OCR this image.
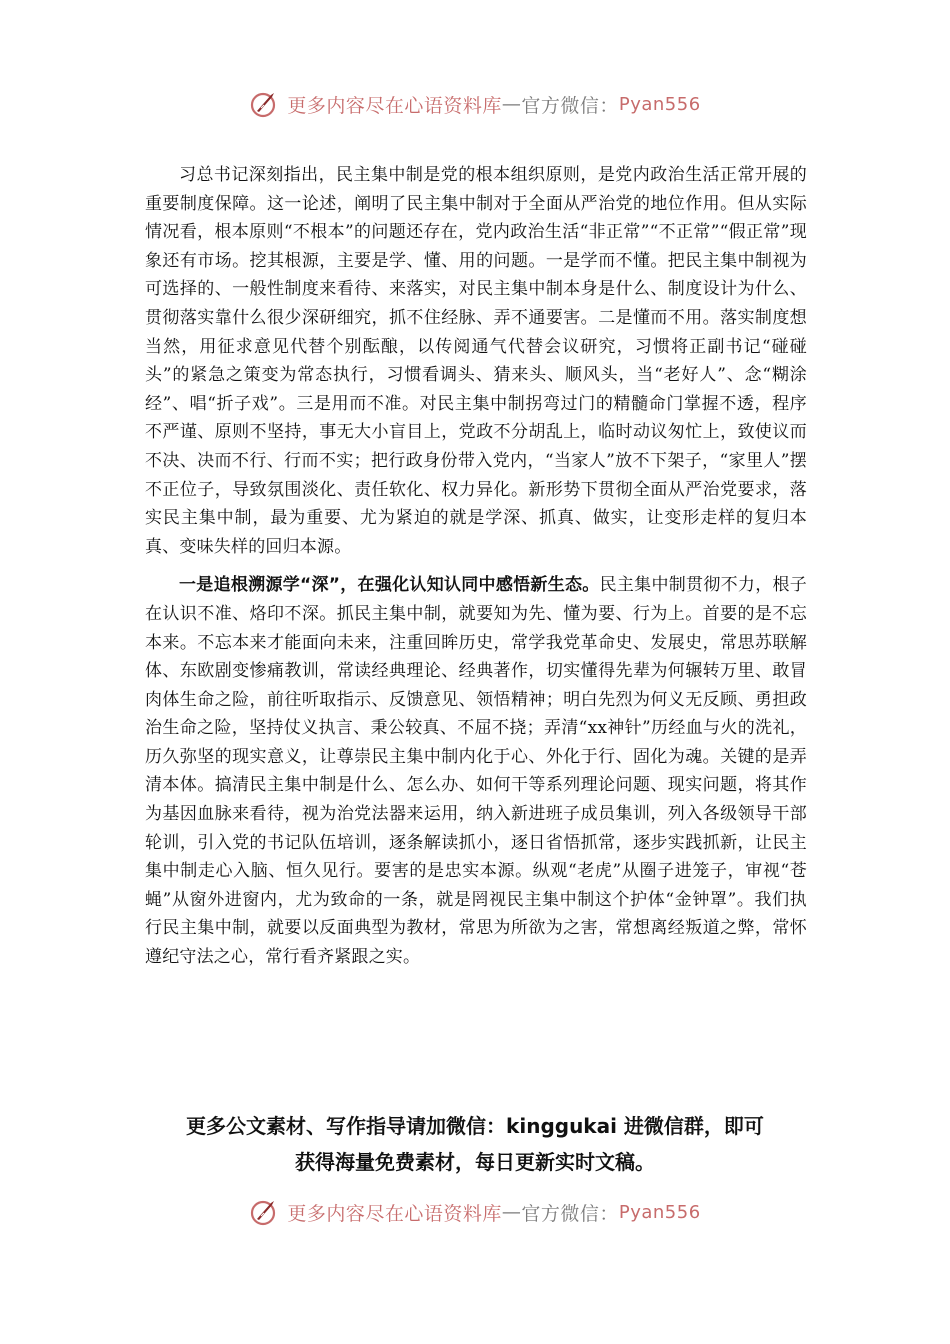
更多内容尽在心语资料库 — 官方微信： Pyan556

习总书记深刻指出，民主集中制是党的根本组织原则，是党内政治生活正常开展的重要制度保障。这一论述，阐明了民主集中制对于全面从严治党的地位作用。但从实际情况看，根本原则“不根本”的问题还存在，党内政治生活“非正常”“不正常”“假正常”现象还有市场。挖其根源，主要是学、懂、用的问题。一是学而不懂。把民主集中制视为可选择的、一般性制度来看待、来落实，对民主集中制本身是什么、制度设计为什么、贯彻落实靠什么很少深研细究，抓不住经脉、弄不通要害。二是懂而不用。落实制度想当然，用征求意见代替个别酝酿，以传阅通气代替会议研究，习惯将正副书记“碰碰头”的紧急之策变为常态执行，习惯看调头、猜来头、顺风头，当“老好人”、念“糊涂经”、唱“折子戏”。三是用而不准。对民主集中制拐弯过门的精髓命门掌握不透，程序不严谨、原则不坚持，事无大小盲目上，党政不分胡乱上，临时动议匆忙上，致使议而不决、决而不行、行而不实；把行政身份带入党内，“当家人”放不下架子，“家里人”摆不正位子，导致氛围淡化、责任软化、权力异化。新形势下贯彻全面从严治党要求，落实民主集中制，最为重要、尤为紧迫的就是学深、抓真、做实，让变形走样的复归本真、变味失样的回归本源。

一是追根溯源学“深”，在强化认知认同中感悟新生态。民主集中制贯彻不力，根子在认识不准、烙印不深。抓民主集中制，就要知为先、懂为要、行为上。首要的是不忘本来。不忘本来才能面向未来，注重回眸历史，常学我党革命史、发展史，常思苏联解体、东欧剧变惨痛教训，常读经典理论、经典著作，切实懂得先辈为何辗转万里、敢冒肉体生命之险，前往听取指示、反馈意见、领悟精神；明白先烈为何义无反顾、勇担政治生命之险，坚持仗义执言、秉公较真、不屈不挠；弄清“xx神针”历经血与火的洗礼，历久弥坚的现实意义，让尊崇民主集中制内化于心、外化于行、固化为魂。关键的是弄清本体。搞清民主集中制是什么、怎么办、如何干等系列理论问题、现实问题，将其作为基因血脉来看待，视为治党法器来运用，纳入新进班子成员集训，列入各级领导干部轮训，引入党的书记队伍培训，逐条解读抓小，逐日省悟抓常，逐步实践抓新，让民主集中制走心入脑、恒久见行。要害的是忠实本源。纵观“老虎”从圈子进笼子，审视“苍蝇”从窗外进窗内，尤为致命的一条，就是罔视民主集中制这个护体“金钟罩”。我们执行民主集中制，就要以反面典型为教材，常思为所欲为之害，常想离经叛道之弊，常怀遵纪守法之心，常行看齐紧跟之实。

更多公文素材、写作指导请加微信：kinggukai 进微信群，即可
获得海量免费素材，每日更新实时文稿。
更多内容尽在心语资料库 — 官方微信： Pyan556
